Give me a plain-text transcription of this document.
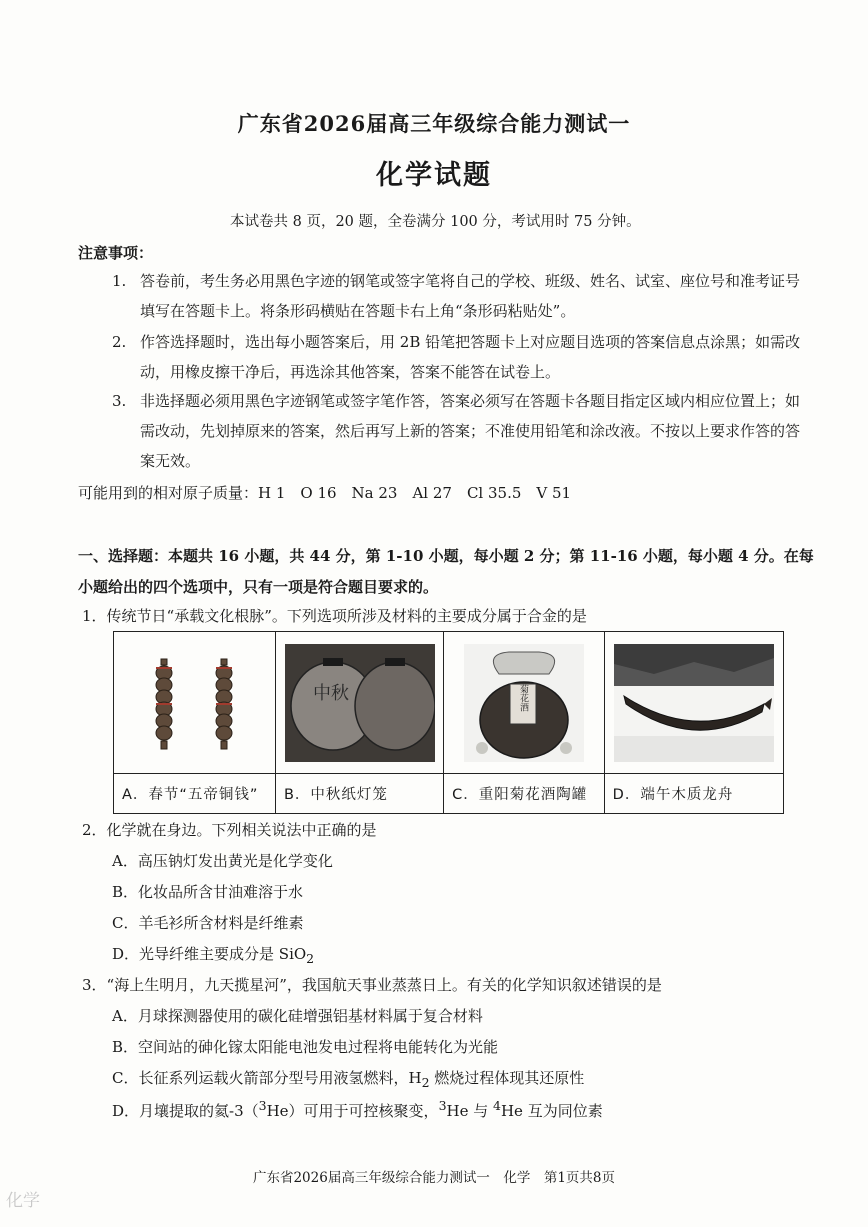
广东省2026届高三年级综合能力测试一
化学试题
本试卷共 8 页，20 题，全卷满分 100 分，考试用时 75 分钟。
注意事项：
1. 答卷前，考生务必用黑色字迹的钢笔或签字笔将自己的学校、班级、姓名、试室、座位号和准考证号填写在答题卡上。将条形码横贴在答题卡右上角“条形码粘贴处”。
2. 作答选择题时，选出每小题答案后，用 2B 铅笔把答题卡上对应题目选项的答案信息点涂黑；如需改动，用橡皮擦干净后，再选涂其他答案，答案不能答在试卷上。
3. 非选择题必须用黑色字迹钢笔或签字笔作答，答案必须写在答题卡各题目指定区域内相应位置上；如需改动，先划掉原来的答案，然后再写上新的答案；不准使用铅笔和涂改液。不按以上要求作答的答案无效。
可能用到的相对原子质量：H 1　O 16　Na 23　Al 27　Cl 35.5　V 51
一、选择题：本题共 16 小题，共 44 分，第 1-10 小题，每小题 2 分；第 11-16 小题，每小题 4 分。在每小题给出的四个选项中，只有一项是符合题目要求的。
1．传统节日“承载文化根脉”。下列选项所涉及材料的主要成分属于合金的是

中秋	菊花酒

A．春节“五帝铜钱”	B．中秋纸灯笼	C．重阳菊花酒陶罐	D．端午木质龙舟
2．化学就在身边。下列相关说法中正确的是
A．高压钠灯发出黄光是化学变化
B．化妆品所含甘油难溶于水
C．羊毛衫所含材料是纤维素
D．光导纤维主要成分是 SiO$_2$
3．“海上生明月，九天揽星河”，我国航天事业蒸蒸日上。有关的化学知识叙述错误的是
A．月球探测器使用的碳化硅增强铝基材料属于复合材料
B．空间站的砷化镓太阳能电池发电过程将电能转化为光能
C．长征系列运载火箭部分型号用液氢燃料，$H_2$ 燃烧过程体现其还原性
D．月壤提取的氦-3（$^3$He）可用于可控核聚变，$^3$He 与 $^4$He 互为同位素
广东省2026届高三年级综合能力测试一　化学　第1页共8页
化学
